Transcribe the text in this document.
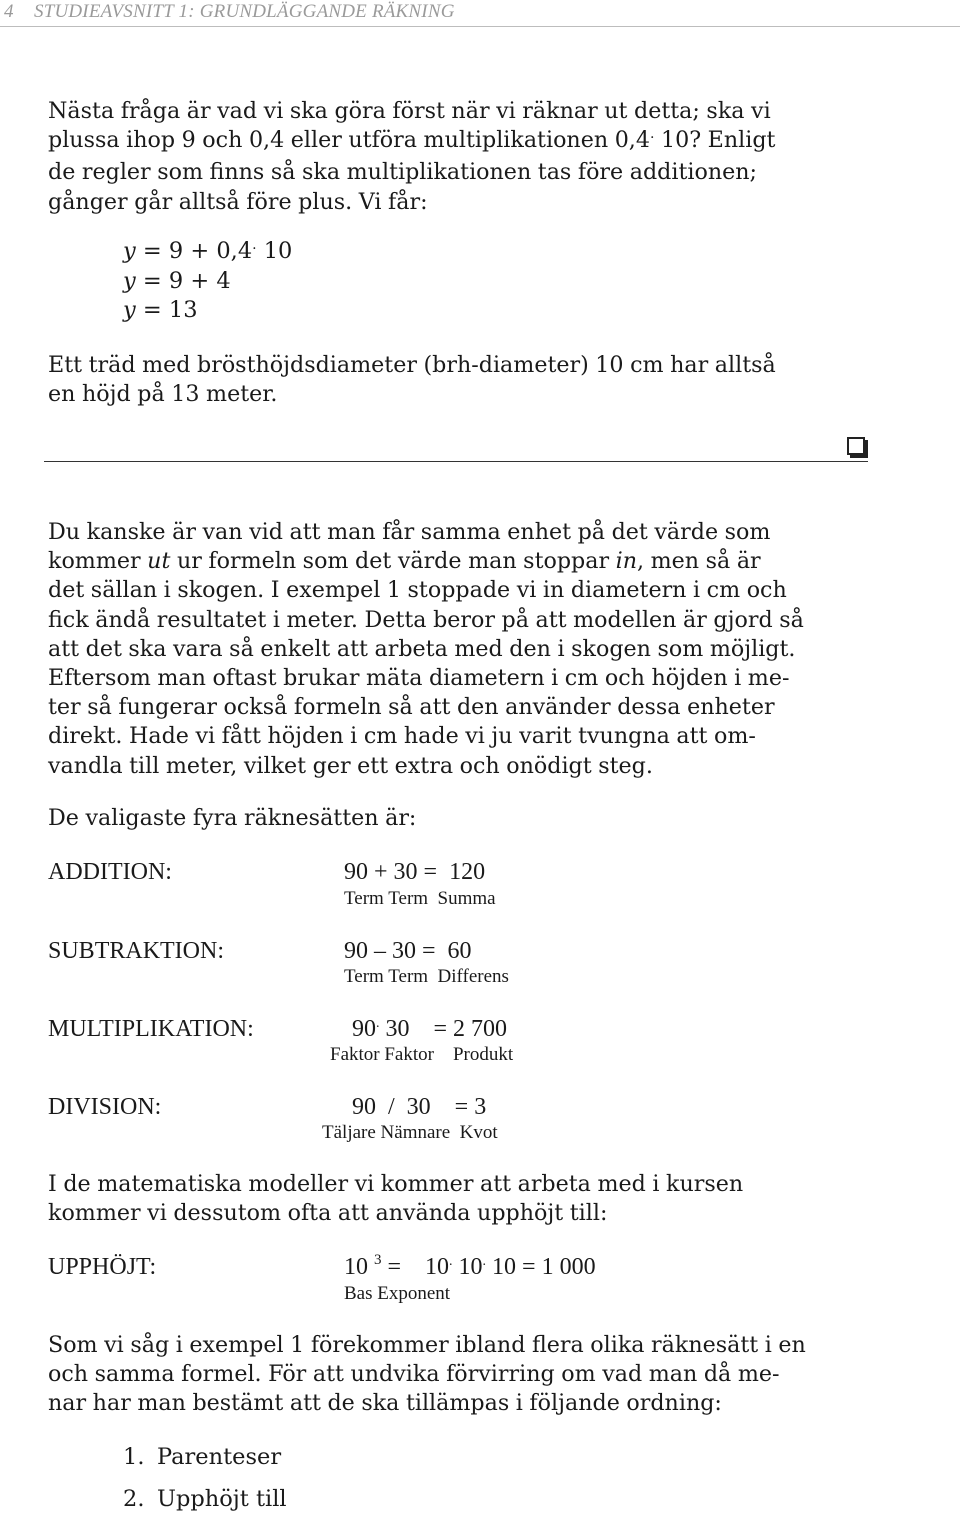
4 STUDIEAVSNITT 1: GRUNDLÄGGANDE RÄKNING
Nästa fråga är vad vi ska göra först när vi räknar ut detta; ska vi
plussa ihop 9 och 0,4 eller utföra multiplikationen 0,4. 10? Enligt
de regler som finns så ska multiplikationen tas före additionen;
gånger går alltså före plus. Vi får:
y = 9 + 0,4. 10
y = 9 + 4
y = 13
Ett träd med brösthöjdsdiameter (brh-diameter) 10 cm har alltså
en höjd på 13 meter.
Du kanske är van vid att man får samma enhet på det värde som
kommer ut ur formeln som det värde man stoppar in, men så är
det sällan i skogen. I exempel 1 stoppade vi in diametern i cm och
fick ändå resultatet i meter. Detta beror på att modellen är gjord så
att det ska vara så enkelt att arbeta med den i skogen som möjligt.
Eftersom man oftast brukar mäta diametern i cm och höjden i me-
ter så fungerar också formeln så att den använder dessa enheter
direkt. Hade vi fått höjden i cm hade vi ju varit tvungna att om-
vandla till meter, vilket ger ett extra och onödigt steg.
De valigaste fyra räknesätten är:
ADDITION:	90 + 30 =  120
Term Term  Summa
SUBTRAKTION:	90 – 30 =  60
Term Term  Differens
MULTIPLIKATION:	90. 30    = 2 700
Faktor Faktor    Produkt
DIVISION:	90  /  30    = 3
Täljare Nämnare  Kvot
I de matematiska modeller vi kommer att arbeta med i kursen
kommer vi dessutom ofta att använda upphöjt till:
UPPHÖJT:	10 $^3$ =    10. 10. 10 = 1 000
Bas Exponent
Som vi såg i exempel 1 förekommer ibland flera olika räknesätt i en
och samma formel. För att undvika förvirring om vad man då me-
nar har man bestämt att de ska tillämpas i följande ordning:
1. Parenteser
2. Upphöjt till
